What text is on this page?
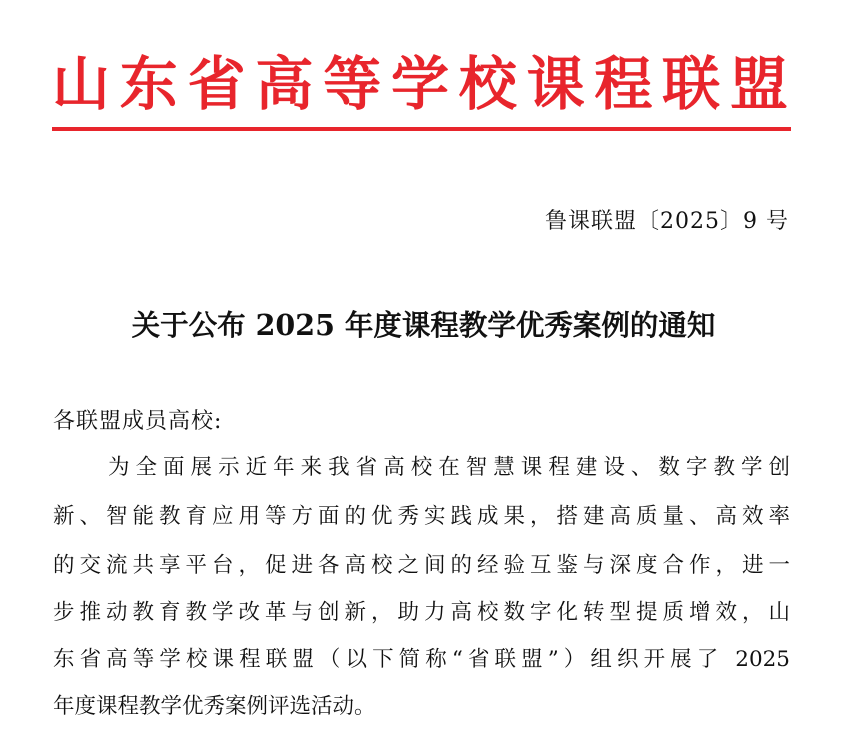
山东省高等学校课程联盟
鲁课联盟〔2025〕9 号
关于公布 2025 年度课程教学优秀案例的通知
各联盟成员高校:
为全面展示近年来我省高校在智慧课程建设、数字教学创
新、智能教育应用等方面的优秀实践成果，搭建高质量、高效率
的交流共享平台，促进各高校之间的经验互鉴与深度合作，进一
步推动教育教学改革与创新，助力高校数字化转型提质增效，山
东省高等学校课程联盟（以下简称“省联盟”）组织开展了 2025
年度课程教学优秀案例评选活动。
